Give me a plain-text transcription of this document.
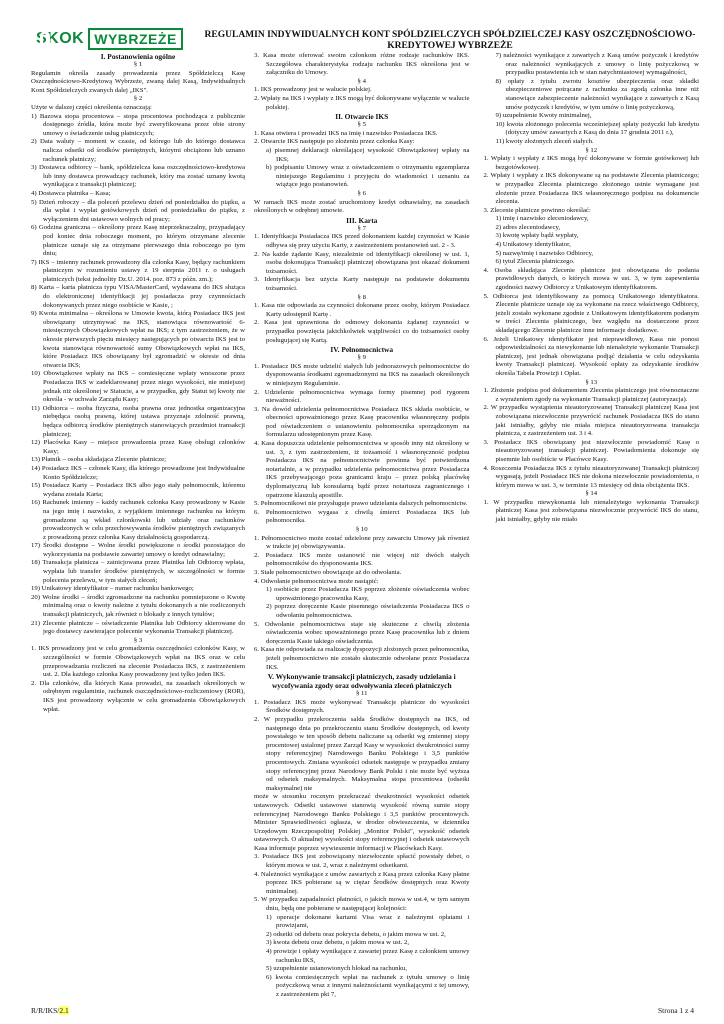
SKOK WYBRZEŻE	REGULAMIN INDYWIDUALNYCH KONT SPÓLDZIELCZYCH SPÓŁDZIELCZEJ KASY OSZCZĘDNOŚCIOWO-KREDYTOWEJ WYBRZEŻE
I. Postanowienia ogólne

§ 1

Regulamin określa zasady prowadzenia przez Spółdzielczą Kasę Oszczędnościowo-Kredytową Wybrzeże, zwaną dalej Kasą, Indywidualnych Kont Spółdzielczych zwanych dalej „IKS".

§ 2

Użyte w dalszej części określenia oznaczają:

1) Bazowa stopa procentowa – stopa procentowa pochodząca z publicznie dostępnego źródła, która może być zweryfikowana przez obie strony umowy o świadczenie usług płatniczych;

2) Data waluty – moment w czasie, od którego lub do którego dostawca nalicza odsetki od środków pieniężnych, którymi obciążono lub uznano rachunek płatniczy;

3) Dostawca odbiorcy – bank, spółdzielcza kasa oszczędnościowo-kredytowa lub inny dostawca prowadzący rachunek, który ma zostać uznany kwotą wynikająca z transakcji płatniczej;

4) Dostawca płatnika – Kasa;

5) Dzień roboczy – dla poleceń przelewu dzień od poniedziałku do piątku, a dla wpłat i wypłat gotówkowych dzień od poniedziałku do piątku, z wyłączeniem dni ustawowo wolnych od pracy;

6) Godzina graniczna – określony przez Kasę nieprzekraczalny, przypadający pod koniec dnia roboczego moment, po którym otrzymane zlecenie płatnicze uznaje się za otrzymane pierwszego dnia roboczego po tym dniu;

7) IKS – imienny rachunek prowadzony dla członka Kasy, będący rachunkiem płatniczym w rozumieniu ustawy z 19 sierpnia 2011 r. o usługach płatniczych (tekst jednolity Dz.U. 2014. poz. 873 z późn. zm.);

8) Karta – karta płatnicza typu VISA/MasterCard, wydawana do IKS służąca do elektronicznej identyfikacji jej posiadacza przy czynnościach dokonywanych przez niego osobiście w Kasie, ;

9) Kwota minimalna – określona w Umowie kwota, którą Posiadacz IKS jest obowiązany utrzymywać na IKS, stanowiąca równowartość 6-miesięcznych Obowiązkowych wpłat na IKS; z tym zastrzeżeniem, że w okresie pierwszych pięciu miesięcy następujących po otwarciu IKS jest to kwota stanowiąca równowartość sumy Obowiązkowych wpłat na IKS, które Posiadacz IKS obowiązany był zgromadzić w okresie od dnia otwarcia IKS;

10) Obowiązkowe wpłaty na IKS – comiesięczne wpłaty wnoszone przez Posiadacza IKS w zadeklarowanej przez niego wysokości, nie mniejszej jednak niż określonej w Statucie, a w przypadku, gdy Statut tej kwoty nie określa - w uchwale Zarządu Kasy;

11) Odbiorca – osoba fizyczna, osoba prawna oraz jednostka organizacyjna niebędąca osobą prawną, której ustawa przyznaje zdolność prawną, będąca odbiorcą środków pieniężnych stanowiących przedmiot transakcji płatniczej;

12) Placówka Kasy – miejsce prowadzenia przez Kasę obsługi członków Kasy;

13) Płatnik – osoba składająca Zlecenie płatnicze;

14) Posiadacz IKS – członek Kasy, dla którego prowadzone jest Indywidualne Konto Spółdzielcze;

15) Posiadacz Karty – Posiadacz IKS albo jego stały pełnomocnik, któremu wydana została Karta;

16) Rachunek imienny – każdy rachunek członka Kasy prowadzony w Kasie na jego imię i nazwisko, z wyjątkiem imiennego rachunku na którym gromadzone są wkład członkowski lub udziały oraz rachunków prowadzonych w celu przechowywania środków pieniężnych związanych z prowadzoną przez członka Kasy działalnością gospodarczą.

17) Środki dostępne – Wolne środki powiększone o środki pozostające do wykorzystania na podstawie zawartej umowy o kredyt odnawialny;

18) Transakcja płatnicza – zainicjowana przez Płatnika lub Odbiorcę wpłata, wypłata lub transfer środków pieniężnych, w szczególności w formie polecenia przelewu, w tym stałych zleceń;

19) Unikatowy identyfikator – numer rachunku bankowego;

20) Wolne środki – środki zgromadzone na rachunku pomniejszone o Kwotę minimalną oraz o kwoty należne z tytułu dokonanych a nie rozliczonych transakcji płatniczych, jak również o blokady z innych tytułów;

21) Zlecenie płatnicze – oświadczenie Płatnika lub Odbiorcy skierowane do jego dostawcy zawierające polecenie wykonania Transakcji płatniczej.

§ 3

1. IKS prowadzony jest w celu gromadzenia oszczędności członków Kasy, w szczególności w formie Obowiązkowych wpłat na IKS oraz w celu przeprowadzania rozliczeń na zlecenie Posiadacza IKS, z zastrzeżeniem ust. 2. Dla każdego członka Kasy prowadzony jest tylko jeden IKS.

2. Dla członków, dla których Kasa prowadzi, na zasadach określonych w odrębnym regulaminie, rachunek oszczędnościowo-rozliczeniowy (ROR), IKS jest prowadzony wyłącznie w celu gromadzenia Obowiązkowych wpłat.

3. Kasa może oferować swoim członkom różne rodzaje rachunków IKS. Szczegółowa charakterystyka rodzaju rachunku IKS określona jest w załączniku do Umowy.

§ 4

1. IKS prowadzony jest w walucie polskiej.

2. Wpłaty na IKS i wypłaty z IKS mogą być dokonywane wyłącznie w walucie polskiej.

II. Otwarcie IKS

§ 5

1. Kasa otwiera i prowadzi IKS na imię i nazwisko Posiadacza IKS.

2. Otwarcie IKS następuje po złożeniu przez członka Kasy:

a) pisemnej deklaracji określającej wysokość Obowiązkowej wpłaty na IKS;

b) podpisaniu Umowy wraz z oświadczeniem o otrzymaniu egzemplarza niniejszego Regulaminu i przyjęciu do wiadomości i uznaniu za wiążące jego postanowień.

§ 6

W ramach IKS może zostać uruchomiony kredyt odnawialny, na zasadach określonych w odrębnej umowie.

III. Karta

§ 7

1. Identyfikacja Posiadacza IKS przed dokonaniem każdej czynności w Kasie odbywa się przy użyciu Karty, z zastrzeżeniem postanowień ust. 2 - 3.

2. Na każde żądanie Kasy, niezależnie od identyfikacji określonej w ust. 1, osoba dokonująca Transakcji płatniczej obowiązana jest okazać dokument tożsamości.

3. Identyfikacja bez użycia Karty następuje na podstawie dokumentu tożsamości.

§ 8

1. Kasa nie odpowiada za czynności dokonane przez osoby, którym Posiadacz Karty udostępnił Kartę .

2. Kasa jest uprawniona do odmowy dokonania żądanej czynności w przypadku powzięcia jakichkolwiek wątpliwości co do tożsamości osoby posługującej się Kartą.

IV. Pełnomocnictwa

§ 9

1. Posiadacz IKS może udzielić stałych lub jednorazowych pełnomocnictw do dysponowania środkami zgromadzonymi na IKS na zasadach określonych w niniejszym Regulaminie.

2. Udzielenie pełnomocnictwa wymaga formy pisemnej pod rygorem nieważności.

3. Na dowód udzielenia pełnomocnictwa Posiadacz IKS składa osobiście, w obecności upoważnionego przez Kasę pracownika własnoręczny podpis pod oświadczeniem o ustanowieniu pełnomocnika sporządzonym na formularzu udostępnionym przez Kasę.

4. Kasa dopuszcza udzielenie pełnomocnictwa w sposób inny niż określony w ust. 3, z tym zastrzeżeniem, iż tożsamość i własnoręczność podpisu Posiadacza IKS na pełnomocnictwie powinna być potwierdzona notarialnie, a w przypadku udzielenia pełnomocnictwa przez Posiadacza IKS przebywającego poza granicami kraju – przez polską placówkę dyplomatyczną lub konsularną bądź przez notariusza zagranicznego i opatrzone klauzulą apostille.

5. Pełnomocnikowi nie przysługuje prawo udzielania dalszych pełnomocnictw.

6. Pełnomocnictwo wygasa z chwilą śmierci Posiadacza IKS lub pełnomocnika.

§ 10

1. Pełnomocnictwo może zostać udzielone przy zawarciu Umowy jak również w trakcie jej obowiązywania.

2. Posiadacz IKS może ustanowić nie więcej niż dwóch stałych pełnomocników do dysponowania IKS.

3. Stałe pełnomocnictwo obowiązuje aż do odwołania.

4. Odwołanie pełnomocnictwa może nastąpić:

1) osobiście przez Posiadacza IKS poprzez złożenie oświadczenia wobec upoważnionego pracownika Kasy,

2) poprzez doręczenie Kasie pisemnego oświadczenia Posiadacza IKS o odwołaniu pełnomocnictwa.

5. Odwołanie pełnomocnictwa staje się skuteczne z chwilą złożenia oświadczenia wobec upoważnionego przez Kasę pracownika lub z dniem doręczenia Kasie takiego oświadczenia.

6. Kasa nie odpowiada za realizację dyspozycji złożonych przez pełnomocnika, jeżeli pełnomocnictwo nie zostało skutecznie odwołane przez Posiadacza IKS.

V. Wykonywanie transakcji płatniczych, zasady udzielania i wycofywania zgody oraz odwoływania zleceń płatniczych

§ 11

1. Posiadacz IKS może wykonywać Transakcje płatnicze do wysokości Środków dostępnych.

2. W przypadku przekroczenia salda Środków dostępnych na IKS, od następnego dnia po przekroczeniu stanu Środków dostępnych, od kwoty powstałego w ten sposób debetu naliczane są odsetki wg zmiennej stopy procentowej ustalonej przez Zarząd Kasy w wysokości dwukrotności sumy stopy referencyjnej Narodowego Banku Polskiego i 3,5 punktów procentowych. Zmiana wysokości odsetek następuje w przypadku zmiany stopy referencyjnej przez Narodowy Bank Polski i nie może być wyższa od odsetek maksymalnych. Maksymalna stopa procentowa (odsetki maksymalne) nie

może w stosunku rocznym przekraczać dwukrotności wysokości odsetek ustawowych. Odsetki ustawowe stanowią wysokość równą sumie stopy referencyjnej Narodowego Banku Polskiego i 3,5 punktów procentowych. Minister Sprawiedliwości ogłasza, w drodze obwieszczenia, w dzienniku Urzędowym Rzeczpospolitej Polskiej „Monitor Polski", wysokość odsetek ustawowych. O aktualnej wysokości stopy referencyjnej i odsetek ustawowych Kasa informuje poprzez wywieszenie informacji w Placówkach Kasy.

3. Posiadacz IKS jest zobowiązany niezwłocznie spłacić powstały debet, o którym mowa w ust. 2, wraz z należnymi odsetkami.

4. Należności wynikające z umów zawartych z Kasą przez członka Kasy płatne poprzez IKS pobierane są w ciężar Środków dostępnych oraz Kwoty minimalnej.

5. W przypadku zapadalności płatności, o jakich mowa w ust.4, w tym samym dniu, będą one pobierane w następującej kolejności:

1) operacje dokonane kartami Visa wraz z należnymi opłatami i prowizjami,

2) odsetki od debetu oraz pokrycia debetu, o jakim mowa w ust. 2,

3) kwota debetu oraz debetu, o jakim mowa w ust. 2,

4) prowizje i opłaty wynikające z zawartej przez Kasę z członkiem umowy rachunku IKS,

5) uzupełnienie ustanowionych blokad na rachunku,

6) kwota comiesięcznych wpłat na rachunek z tytułu umowy o linię pożyczkową wraz z innymi należnościami wynikającymi z tej umowy, z zastrzeżeniem pkt 7,

7) należności wynikające z zawartych z Kasą umów pożyczek i kredytów oraz należności wynikających z umowy o linię pożyczkową w przypadku postawienia ich w stan natychmiastowej wymagalności,

8) opłaty z tytułu zwrotu kosztów ubezpieczenia oraz składki ubezpieczeniowe potrącane z rachunku za zgodą członka inne niż stanowiące zabezpieczenie należności wynikające z zawartych z Kasą umów pożyczek i kredytów, w tym umów o linię pożyczkową,

9) uzupełnienie Kwoty minimalnej,

10) kwota złożonego polecenia wcześniejszej spłaty pożyczki lub kredytu (dotyczy umów zawartych z Kasą do dnia 17 grudnia 2011 r.),

11) kwoty złożonych zleceń stałych.

§ 12

1. Wpłaty i wypłaty z IKS mogą być dokonywane w formie gotówkowej lub bezgotówkowej.

2. Wpłaty i wypłaty z IKS dokonywane są na podstawie Zlecenia płatniczego; w przypadku Zlecenia płatniczego złożonego ustnie wymagane jest złożenie przez Posiadacza IKS własnoręcznego podpisu na dokumencie zlecenia.

3. Zlecenie płatnicze powinno określać:

1) imię i nazwisko zleceniodawcy,

2) adres zleceniodawcy,

3) kwotę wpłaty bądź wypłaty,

4) Unikatowy identyfikator,

5) nazwę/imię i nazwisko Odbiorcy,

6) tytuł Zlecenia płatniczego.

4. Osoba składająca Zlecenie płatnicze jest obowiązana do podania prawidłowych danych, o których mowa w ust. 3, w tym zapewnienia zgodności nazwy Odbiorcy z Unikatowym identyfikatorem.

5. Odbiorca jest identyfikowany za pomocą Unikatowego identyfikatora. Zlecenie płatnicze uznaje się za wykonane na rzecz właściwego Odbiorcy, jeżeli zostało wykonane zgodnie z Unikatowym identyfikatorem podanym w treści Zlecenia płatniczego, bez względu na dostarczone przez składającego Zlecenie płatnicze inne informacje dodatkowe.

6. Jeżeli Unikatowy identyfikator jest nieprawidłowy, Kasa nie ponosi odpowiedzialności za niewykonanie lub nienależyte wykonanie Transakcji płatniczej, jest jednak obowiązana podjąć działania w celu odzyskania kwoty Transakcji płatniczej. Wysokość opłaty za odzyskanie środków określa Tabela Prowizji i Opłat.

§ 13

1. Złożenie podpisu pod dokumentem Zlecenia płatniczego jest równoznaczne z wyrażeniem zgody na wykonanie Transakcji płatniczej (autoryzacja).

2. W przypadku wystąpienia nieautoryzowanej Transakcji płatniczej Kasa jest zobowiązana niezwłocznie przywrócić rachunek Posiadacza IKS do stanu jaki istniałby, gdyby nie miała miejsca nieautoryzowana transakcja płatnicza, z zastrzeżeniem ust. 3 i 4.

3. Posiadacz IKS obowiązany jest niezwłocznie powiadomić Kasę o nieautoryzowanej transakcji płatniczej. Powiadomienia dokonuje się pisemnie lub osobiście w Placówce Kasy.

4. Roszczenia Posiadacza IKS z tytułu nieautoryzowanej Transakcji płatniczej wygasają, jeżeli Posiadacz IKS nie dokona niezwłocznie powiadomienia, o którym mowa w ust. 3, w terminie 13 miesięcy od dnia obciążenia IKS.

§ 14

1. W przypadku niewykonania lub nienależytego wykonania Transakcji płatniczej Kasa jest zobowiązana niezwłocznie przywrócić IKS do stanu, jaki istniałby, gdyby nie miało

R/R/IKS/2.1	Strona 1 z 4
